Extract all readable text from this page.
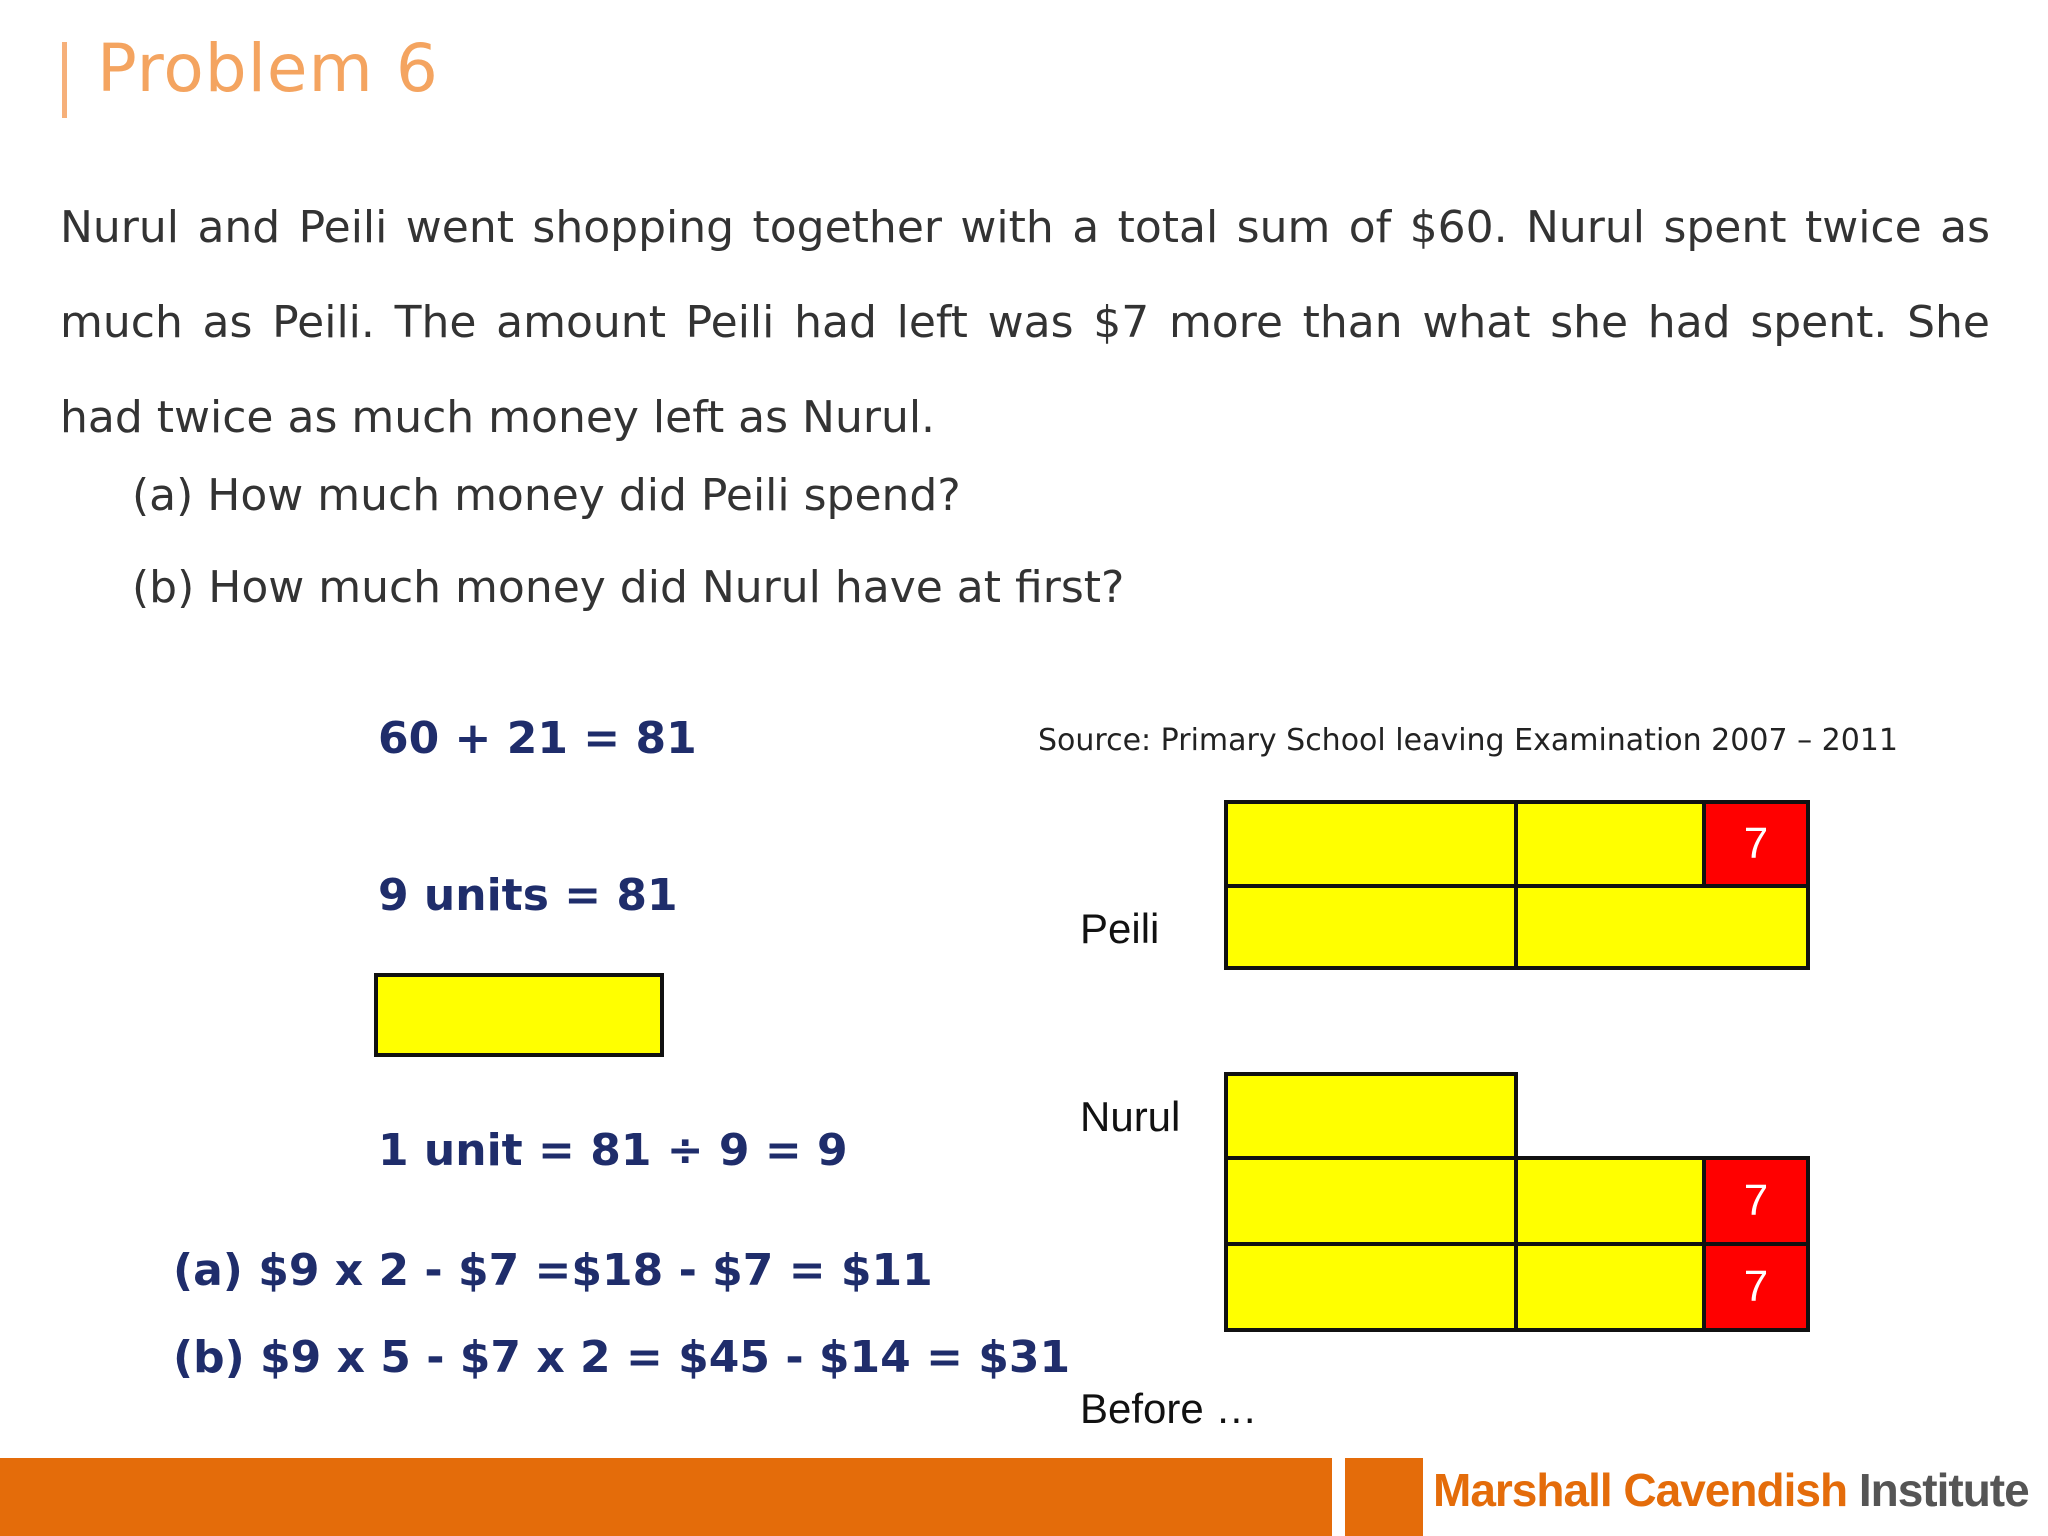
Problem 6
Nurul and Peili went shopping together with a total sum of $60. Nurul spent twice as much as Peili. The amount Peili had left was $7 more than what she had spent. She had twice as much money left as Nurul.
(a) How much money did Peili spend?
(b) How much money did Nurul have at first?
Source: Primary School leaving Examination 2007 – 2011
60 + 21 = 81
9 units = 81
1 unit = 81 ÷ 9 = 9
(a) $9 x 2 - $7 =$18 - $7 = $11
(b) $9 x 5 - $7 x 2 = $45 - $14 = $31
Peili
Nurul
Before …
7
7
7
Marshall Cavendish Institute
